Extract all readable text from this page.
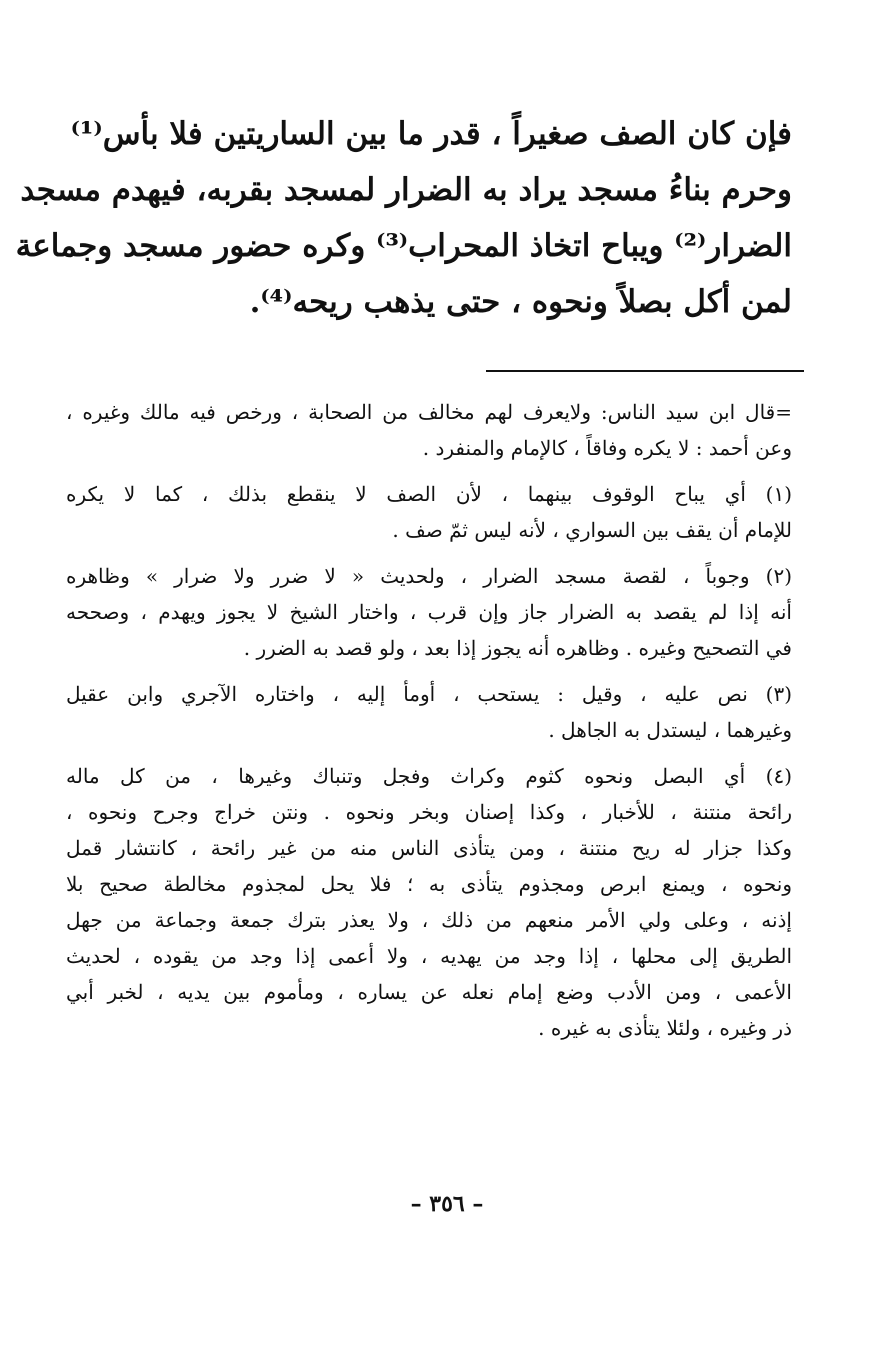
فإن كان الصف صغيراً ، قدر ما بين الساريتين فلا بأس⁽¹⁾
وحرم بناءُ مسجد يراد به الضرار لمسجد بقربه، فيهدم مسجد
الضرار⁽²⁾ ويباح اتخاذ المحراب⁽³⁾ وكره حضور مسجد وجماعة
لمن أكل بصلاً ونحوه ، حتى يذهب ريحه⁽⁴⁾.
=قال ابن سيد الناس: ولايعرف لهم مخالف من الصحابة ، ورخص فيه مالك وغيره ،
وعن أحمد : لا يكره وفاقاً ، كالإمام والمنفرد .
(١) أي يباح الوقوف بينهما ، لأن الصف لا ينقطع بذلك ، كما لا يكره
للإمام أن يقف بين السواري ، لأنه ليس ثمّ صف .
(٢) وجوباً ، لقصة مسجد الضرار ، ولحديث « لا ضرر ولا ضرار » وظاهره
أنه إذا لم يقصد به الضرار جاز وإن قرب ، واختار الشيخ لا يجوز ويهدم ، وصححه
في التصحيح وغيره . وظاهره أنه يجوز إذا بعد ، ولو قصد به الضرر .
(٣) نص عليه ، وقيل : يستحب ، أومأ إليه ، واختاره الآجري وابن عقيل
وغيرهما ، ليستدل به الجاهل .
(٤) أي البصل ونحوه كثوم وكراث وفجل وتنباك وغيرها ، من كل ماله
رائحة منتنة ، للأخبار ، وكذا إصنان وبخر ونحوه . ونتن خراج وجرح ونحوه ،
وكذا جزار له ريح منتنة ، ومن يتأذى الناس منه من غير رائحة ، كانتشار قمل
ونحوه ، ويمنع ابرص ومجذوم يتأذى به ؛ فلا يحل لمجذوم مخالطة صحيح بلا
إذنه ، وعلى ولي الأمر منعهم من ذلك ، ولا يعذر بترك جمعة وجماعة من جهل
الطريق إلى محلها ، إذا وجد من يهديه ، ولا أعمى إذا وجد من يقوده ، لحديث
الأعمى ، ومن الأدب وضع إمام نعله عن يساره ، ومأموم بين يديه ، لخبر أبي
ذر وغيره ، ولئلا يتأذى به غيره .
– ٣٥٦ –
